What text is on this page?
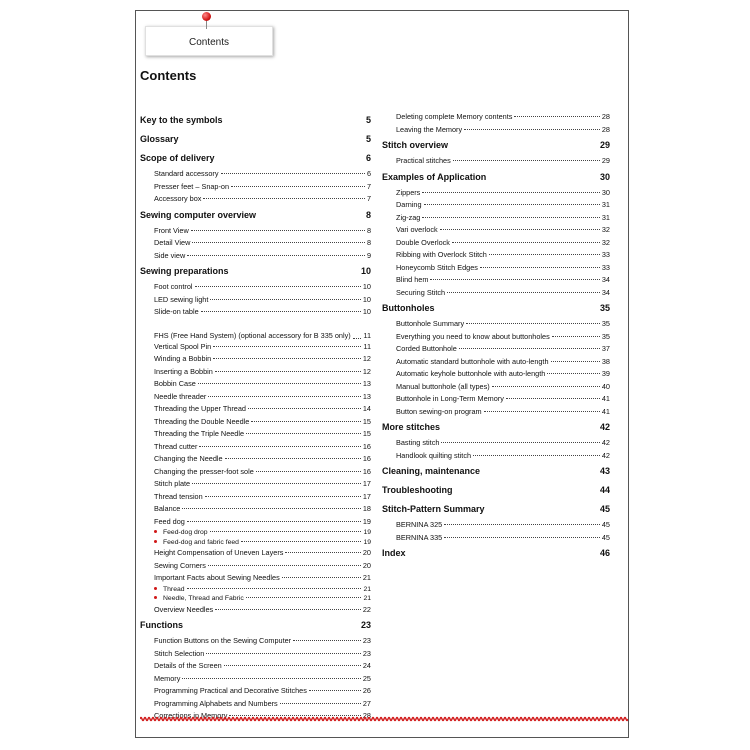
Contents
Contents
Key to the symbols	5
Glossary	5
Scope of delivery	6
Standard accessory	6
Presser feet – Snap-on	7
Accessory box	7
Sewing computer overview	8
Front View	8
Detail View	8
Side view	9
Sewing preparations	10
Foot control	10
LED sewing light	10
Slide-on table	10
FHS (Free Hand System) (optional accessory for B 335 only) 11
Vertical Spool Pin	11
Winding a Bobbin	12
Inserting a Bobbin	12
Bobbin Case	13
Needle threader	13
Threading the Upper Thread	14
Threading the Double Needle	15
Threading the Triple Needle	15
Thread cutter	16
Changing the Needle	16
Changing the presser-foot sole	16
Stitch plate	17
Thread tension	17
Balance	18
Feed dog	19
Feed-dog drop	19
Feed-dog and fabric feed	19
Height Compensation of Uneven Layers	20
Sewing Corners	20
Important Facts about Sewing Needles	21
Thread	21
Needle, Thread and Fabric	21
Overview Needles	22
Functions	23
Function Buttons on the Sewing Computer	23
Stitch Selection	23
Details of the Screen	24
Memory	25
Programming Practical and Decorative Stitches	26
Programming Alphabets and Numbers	27
Corrections in Memory	28
Deleting complete Memory contents	28
Leaving the Memory	28
Stitch overview	29
Practical stitches	29
Examples of Application	30
Zippers	30
Darning	31
Zig-zag	31
Vari overlock	32
Double Overlock	32
Ribbing with Overlock Stitch	33
Honeycomb Stitch Edges	33
Blind hem	34
Securing Stitch	34
Buttonholes	35
Buttonhole Summary	35
Everything you need to know about buttonholes	35
Corded Buttonhole	37
Automatic standard buttonhole with auto-length	38
Automatic keyhole buttonhole with auto-length	39
Manual buttonhole (all types)	40
Buttonhole in Long-Term Memory	41
Button sewing-on program	41
More stitches	42
Basting stitch	42
Handlook quilting stitch	42
Cleaning, maintenance	43
Troubleshooting	44
Stitch-Pattern Summary	45
BERNINA 325	45
BERNINA 335	45
Index	46
